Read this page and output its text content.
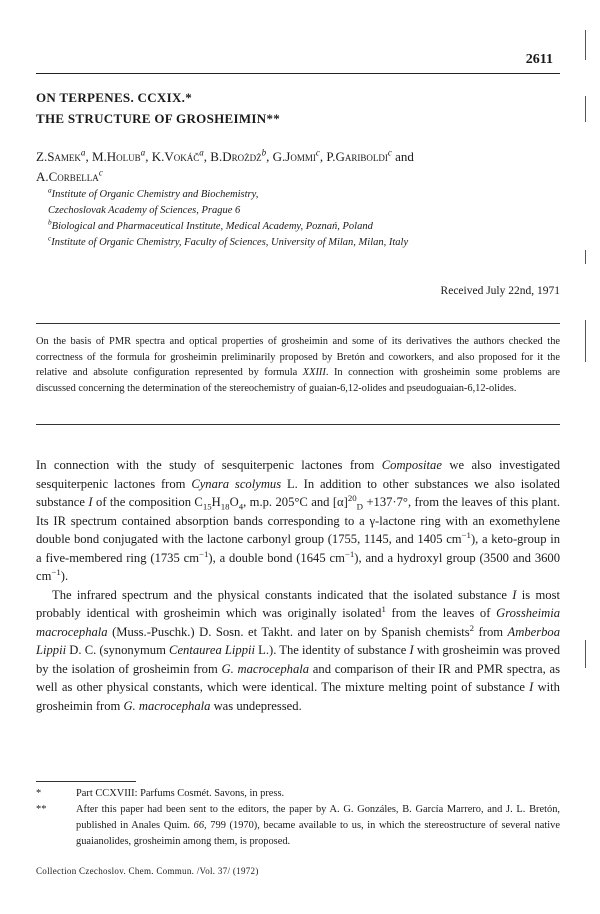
2611
ON TERPENES. CCXIX.*
THE STRUCTURE OF GROSHEIMIN**
Z.Samek$^a$, M.Holub$^a$, K.Vokáč$^a$, B.Drożdż$^b$, G.Jommi$^c$, P.Gariboldi$^c$ and
A.Corbella$^c$
$^a$Institute of Organic Chemistry and Biochemistry,
Czechoslovak Academy of Sciences, Prague 6
$^b$Biological and Pharmaceutical Institute, Medical Academy, Poznań, Poland
$^c$Institute of Organic Chemistry, Faculty of Sciences, University of Milan, Milan, Italy
Received July 22nd, 1971
On the basis of PMR spectra and optical properties of grosheimin and some of its derivatives the authors checked the correctness of the formula for grosheimin preliminarily proposed by Bretón and coworkers, and also proposed for it the relative and absolute configuration represented by formula XXIII. In connection with grosheimin some problems are discussed concerning the determination of the stereochemistry of guaian-6,12-olides and pseudoguaian-6,12-olides.

In connection with the study of sesquiterpenic lactones from Compositae we also investigated sesquiterpenic lactones from Cynara scolymus L. In addition to other substances we also isolated substance I of the composition $C_{15}H_{18}O_4$, m.p. 205°C and $[\alpha]^{20}_D +137\cdot 7^\circ$, from the leaves of this plant. Its IR spectrum contained absorption bands corresponding to a γ-lactone ring with an exomethylene double bond conjugated with the lactone carbonyl group (1755, 1145, and 1405 $cm^{-1}$), a keto-group in a five-membered ring (1735 $cm^{-1}$), a double bond (1645 $cm^{-1}$), and a hydroxyl group (3500 and 3600 $cm^{-1}$).

The infrared spectrum and the physical constants indicated that the isolated substance I is most probably identical with grosheimin which was originally isolated$^1$ from the leaves of Grossheimia macrocephala (Muss.-Puschk.) D. Sosn. et Takht. and later on by Spanish chemists$^2$ from Amberboa Lippii D. C. (synonymum Centaurea Lippii L.). The identity of substance I with grosheimin was proved by the isolation of grosheimin from G. macrocephala and comparison of their IR and PMR spectra, as well as other physical constants, which were identical. The mixture melting point of substance I with grosheimin from G. macrocephala was undepressed.

*	Part CCXVIII: Parfums Cosmét. Savons, in press.
**	After this paper had been sent to the editors, the paper by A. G. Gonzáles, B. García Marrero, and J. L. Bretón, published in Anales Quim. 66, 799 (1970), became available to us, in which the stereostructure of several native guaianolides, grosheimin among them, is proposed.
Collection Czechoslov. Chem. Commun. /Vol. 37/ (1972)
